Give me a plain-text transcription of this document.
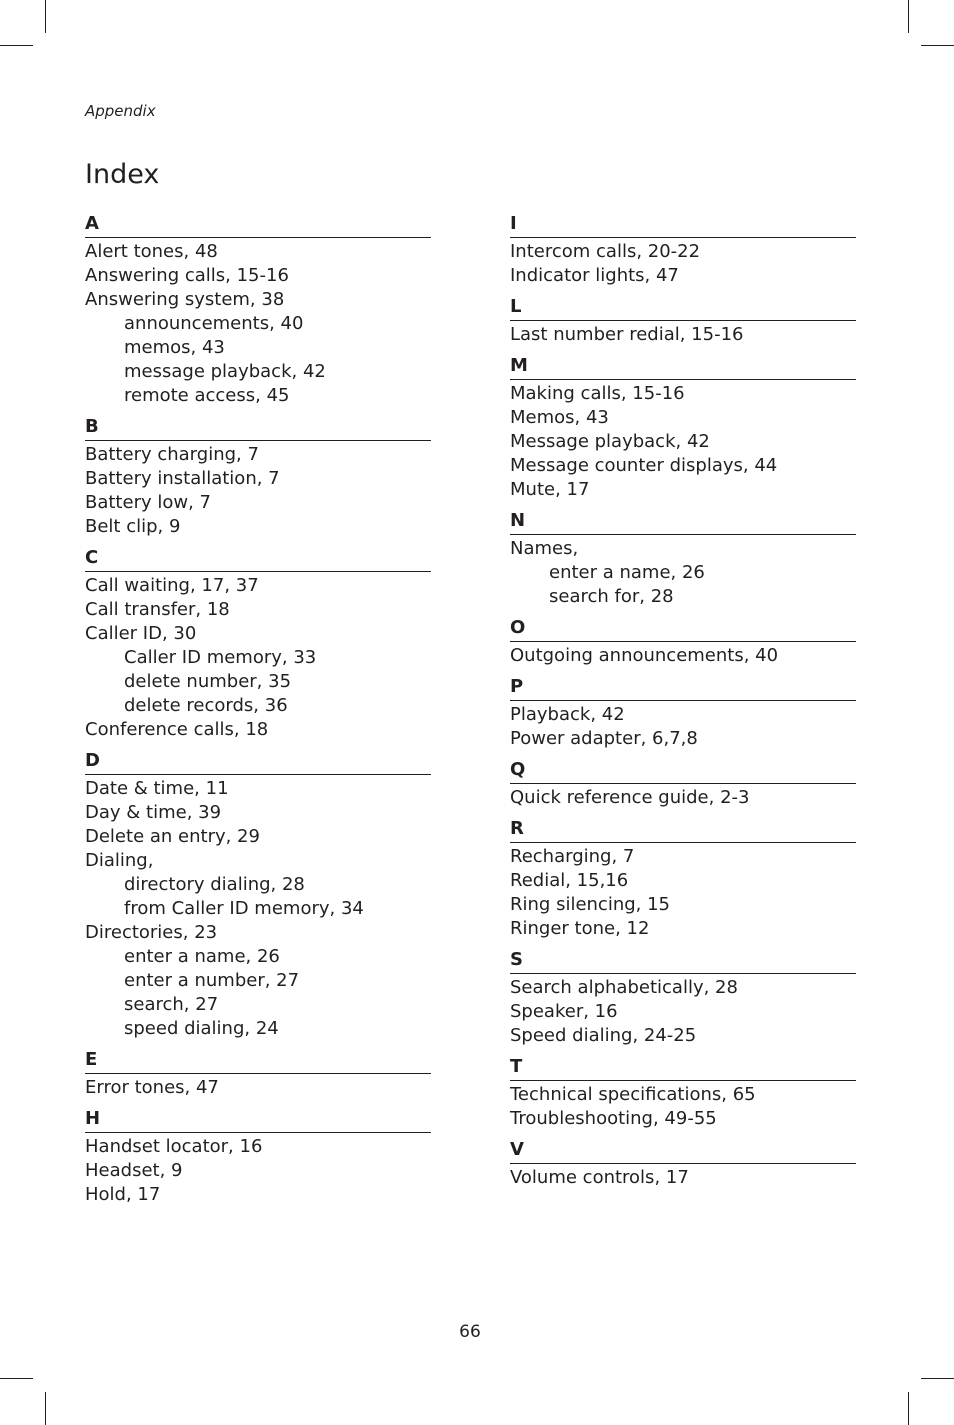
Appendix
Index
A
Alert tones, 48
Answering calls, 15-16
Answering system, 38
announcements, 40
memos, 43
message playback, 42
remote access, 45
B
Battery charging, 7
Battery installation, 7
Battery low, 7
Belt clip, 9
C
Call waiting, 17, 37
Call transfer, 18
Caller ID, 30
Caller ID memory, 33
delete number, 35
delete records, 36
Conference calls, 18
D
Date & time, 11
Day & time, 39
Delete an entry, 29
Dialing,
directory dialing, 28
from Caller ID memory, 34
Directories, 23
enter a name, 26
enter a number, 27
search, 27
speed dialing, 24
E
Error tones, 47
H
Handset locator, 16
Headset, 9
Hold, 17
I
Intercom calls, 20-22
Indicator lights, 47
L
Last number redial, 15-16
M
Making calls, 15-16
Memos, 43
Message playback, 42
Message counter displays, 44
Mute, 17
N
Names,
enter a name, 26
search for, 28
O
Outgoing announcements, 40
P
Playback, 42
Power adapter, 6,7,8
Q
Quick reference guide, 2-3
R
Recharging, 7
Redial, 15,16
Ring silencing, 15
Ringer tone, 12
S
Search alphabetically, 28
Speaker, 16
Speed dialing, 24-25
T
Technical specifications, 65
Troubleshooting, 49-55
V
Volume controls, 17
66
